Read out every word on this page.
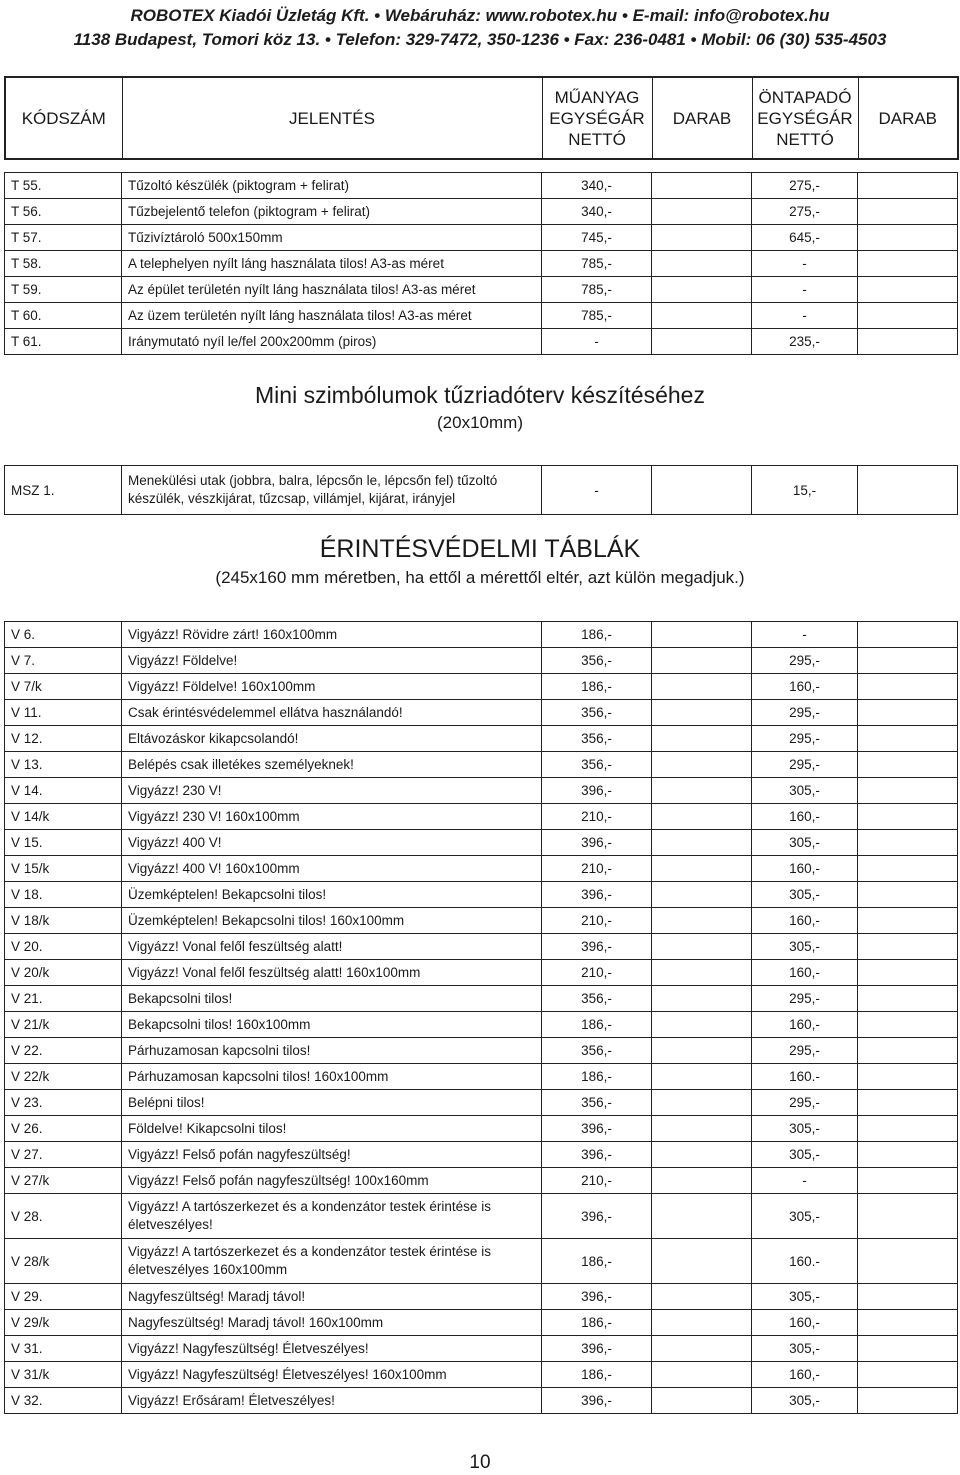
ROBOTEX Kiadói Üzletág Kft. • Webáruház: www.robotex.hu • E-mail: info@robotex.hu
1138 Budapest, Tomori köz 13. • Telefon: 329-7472, 350-1236 • Fax: 236-0481 • Mobil: 06 (30) 535-4503
KÓDSZÁM	JELENTÉS	MŰANYAG
EGYSÉGÁR
NETTÓ	DARAB	ÖNTAPADÓ
EGYSÉGÁR
NETTÓ	DARAB
T 55.	Tűzoltó készülék (piktogram + felirat)	340,-		275,-	
T 56.	Tűzbejelentő telefon (piktogram + felirat)	340,-		275,-	
T 57.	Tűzivíztároló 500x150mm	745,-		645,-	
T 58.	A telephelyen nyílt láng használata tilos! A3-as méret	785,-		-	
T 59.	Az épület területén nyílt láng használata tilos! A3-as méret	785,-		-	
T 60.	Az üzem területén nyílt láng használata tilos! A3-as méret	785,-		-	
T 61.	Iránymutató nyíl le/fel 200x200mm (piros)	-		235,-	
Mini szimbólumok tűzriadóterv készítéséhez
(20x10mm)
MSZ 1.	Menekülési utak (jobbra, balra, lépcsőn le, lépcsőn fel) tűzoltó készülék, vészkijárat, tűzcsap, villámjel, kijárat, irányjel	-		15,-	
ÉRINTÉSVÉDELMI TÁBLÁK
(245x160 mm méretben, ha ettől a mérettől eltér, azt külön megadjuk.)
V 6.	Vigyázz! Rövidre zárt! 160x100mm	186,-		-	
V 7.	Vigyázz! Földelve!	356,-		295,-	
V 7/k	Vigyázz! Földelve! 160x100mm	186,-		160,-	
V 11.	Csak érintésvédelemmel ellátva használandó!	356,-		295,-	
V 12.	Eltávozáskor kikapcsolandó!	356,-		295,-	
V 13.	Belépés csak illetékes személyeknek!	356,-		295,-	
V 14.	Vigyázz! 230 V!	396,-		305,-	
V 14/k	Vigyázz! 230 V! 160x100mm	210,-		160,-	
V 15.	Vigyázz! 400 V!	396,-		305,-	
V 15/k	Vigyázz! 400 V! 160x100mm	210,-		160,-	
V 18.	Üzemképtelen! Bekapcsolni tilos!	396,-		305,-	
V 18/k	Üzemképtelen! Bekapcsolni tilos! 160x100mm	210,-		160,-	
V 20.	Vigyázz! Vonal felől feszültség alatt!	396,-		305,-	
V 20/k	Vigyázz! Vonal felől feszültség alatt! 160x100mm	210,-		160,-	
V 21.	Bekapcsolni tilos!	356,-		295,-	
V 21/k	Bekapcsolni tilos! 160x100mm	186,-		160,-	
V 22.	Párhuzamosan kapcsolni tilos!	356,-		295,-	
V 22/k	Párhuzamosan kapcsolni tilos! 160x100mm	186,-		160.-	
V 23.	Belépni tilos!	356,-		295,-	
V 26.	Földelve! Kikapcsolni tilos!	396,-		305,-	
V 27.	Vigyázz! Felső pofán nagyfeszültség!	396,-		305,-	
V 27/k	Vigyázz! Felső pofán nagyfeszültség! 100x160mm	210,-		-	
V 28.	Vigyázz! A tartószerkezet és a kondenzátor testek érintése is életveszélyes!	396,-		305,-	
V 28/k	Vigyázz! A tartószerkezet és a kondenzátor testek érintése is életveszélyes 160x100mm	186,-		160.-	
V 29.	Nagyfeszültség! Maradj távol!	396,-		305,-	
V 29/k	Nagyfeszültség! Maradj távol! 160x100mm	186,-		160,-	
V 31.	Vigyázz! Nagyfeszültség! Életveszélyes!	396,-		305,-	
V 31/k	Vigyázz! Nagyfeszültség! Életveszélyes! 160x100mm	186,-		160,-	
V 32.	Vigyázz! Erősáram! Életveszélyes!	396,-		305,-	
10
